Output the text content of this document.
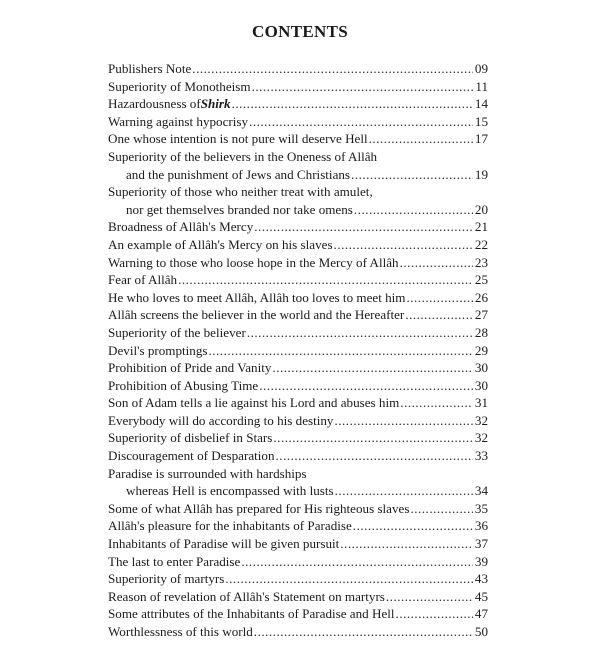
CONTENTS
Publishers Note .....	09
Superiority of Monotheism .....	11
Hazardousness of Shirk .....	14
Warning against hypocrisy .....	15
One whose intention is not pure will deserve Hell .....	17
Superiority of the believers in the Oneness of Allâh
and the punishment of Jews and Christians .....	19
Superiority of those who neither treat with amulet,
nor get themselves branded nor take omens .....	20
Broadness of Allâh's Mercy .....	21
An example of Allâh's Mercy on his slaves .....	22
Warning to those who loose hope in the Mercy of Allâh .....	23
Fear of Allâh .....	25
He who loves to meet Allâh, Allâh too loves to meet him .....	26
Allâh screens the believer in the world and the Hereafter .....	27
Superiority of the believer .....	28
Devil's promptings .....	29
Prohibition of Pride and Vanity .....	30
Prohibition of Abusing Time .....	30
Son of Adam tells a lie against his Lord and abuses him .....	31
Everybody will do according to his destiny .....	32
Superiority of disbelief in Stars .....	32
Discouragement of Desparation .....	33
Paradise is surrounded with hardships
whereas Hell is encompassed with lusts .....	34
Some of what Allâh has prepared for His righteous slaves .....	35
Allâh's pleasure for the inhabitants of Paradise .....	36
Inhabitants of Paradise will be given pursuit .....	37
The last to enter Paradise .....	39
Superiority of martyrs .....	43
Reason of revelation of Allâh's Statement on martyrs .....	45
Some attributes of the Inhabitants of Paradise and Hell .....	47
Worthlessness of this world .....	50
